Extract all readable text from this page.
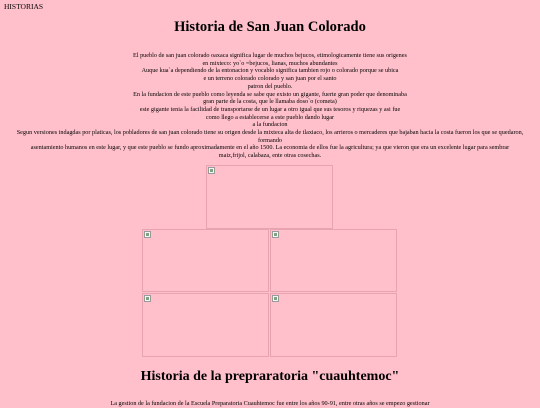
HISTORIAS
Historia de San Juan Colorado
El pueblo de san juan colorado oaxaca significa lugar de muchos bejucos, etimologicamente tiene sus origenes
en mixteco: yo`o =bejucos, lianas, muchos abundantes
Auque kua`a dependiendo de la entonacion y vocablo significa tambien rojo o colorado porque se ubica
e un terreno colorado colorado y san juan por el santo
patron del pueblo.
En la fundacion de este pueblo como leyenda se sabe que existo un gigante, fuerte gran poder que denominaba
gran parte de la costa, que le llamaba doso`o (cometa)
este gigante tenia la facilidad de transportarse de un lugar a otro igual que sus tesoros y riquezas y asi fue
como llego a establecerse a este pueblo dando lugar
a la fundacion
Segun versiones indagdas por platicas, los pobladores de san juan colorado tiene su origen desde la mixteca alta de tlaxiaco, los arrieros o mercaderes que bajaban hacia la costa fueron los que se quedaron, formando
asentamiento humanos en este lugar, y que este pueblo se fundo aproximadamente en el año 1500. La economia de ellos fue la agricultura; ya que vieron que era un excelente lugar para sembrar
maiz,frijol, calabaza, ente otras cosechas.
Historia de la prepraratoria "cuauhtemoc"

La gestion de la fundacion de la Escuela Preparatoria Cuauhtemoc fue entre los años 90-91, entre otras años se empezo gestionar
